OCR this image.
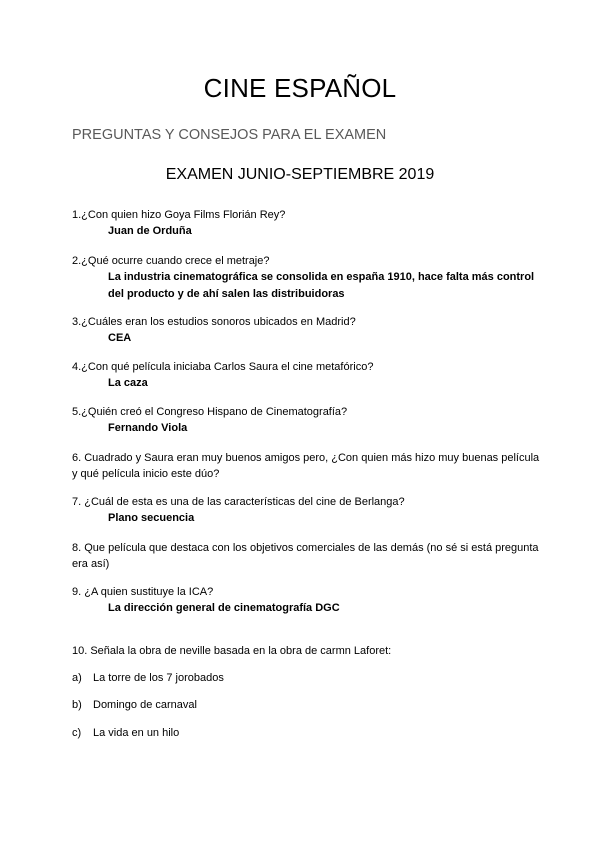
CINE ESPAÑOL
PREGUNTAS Y CONSEJOS PARA EL EXAMEN
EXAMEN JUNIO-SEPTIEMBRE 2019
1.¿Con quien hizo Goya Films Florián Rey?
Juan de Orduña
2.¿Qué ocurre cuando crece el metraje?
La industria cinematográfica se consolida en españa 1910, hace falta más control del producto y de ahí salen las distribuidoras
3.¿Cuáles eran los estudios sonoros ubicados en Madrid?
CEA
4.¿Con qué película iniciaba Carlos Saura el cine metafórico?
La caza
5.¿Quién creó el Congreso Hispano de Cinematografía?
Fernando Viola
6. Cuadrado y Saura eran muy buenos amigos pero, ¿Con quien más hizo muy buenas película y qué película inicio este dúo?
7. ¿Cuál de esta es una de las características del cine de Berlanga?
Plano secuencia
8. Que película que destaca con los objetivos comerciales de las demás (no sé si está pregunta era así)
9. ¿A quien sustituye la ICA?
La dirección general de cinematografía DGC
10. Señala la obra de neville basada en la obra de carmn Laforet:
a) La torre de los 7 jorobados
b) Domingo de carnaval
c) La vida en un hilo
